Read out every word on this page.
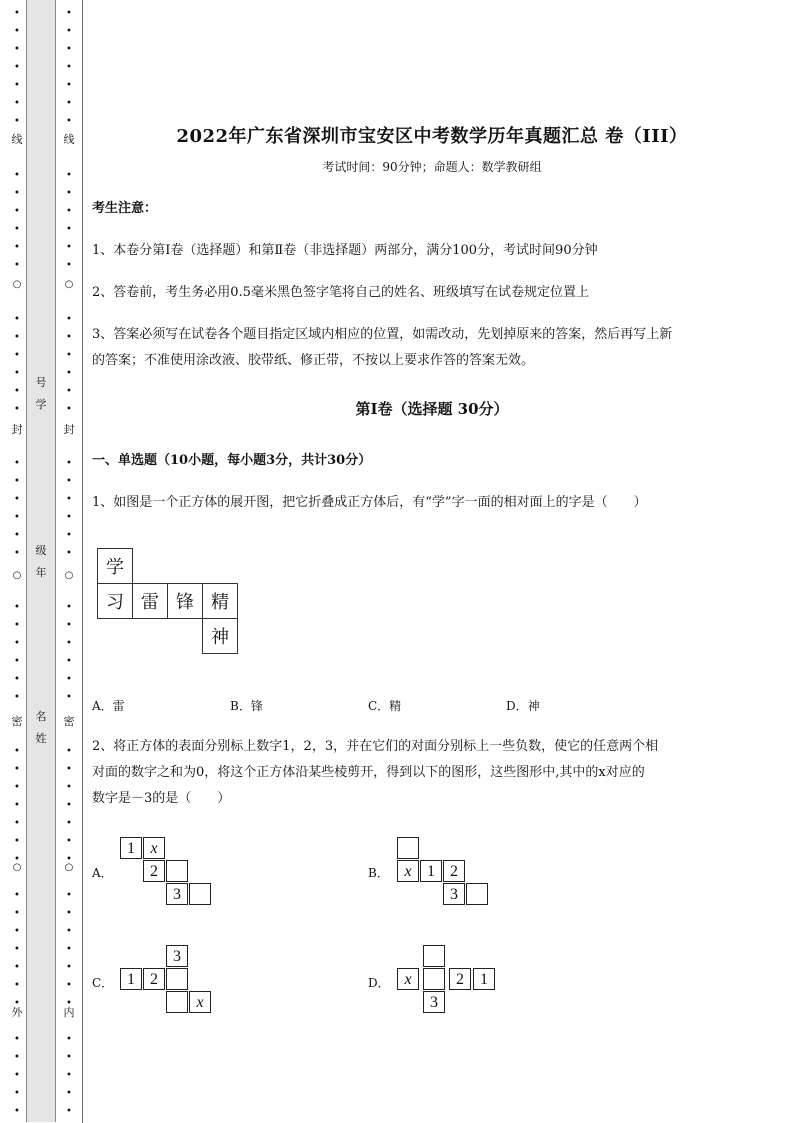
•
•
•
•
•
•
•
•
•
•
•
•
•
•
•
•
•
•
•
•
•
•
•
•
•
•
•
•
•
•
•
•
•
•
•
•
•
•
•
•
•
•
•
•
•
•
•
•
•
•
线
○
封
○
密
○
外
•
•
•
•
•
•
•
•
•
•
•
•
•
•
•
•
•
•
•
•
•
•
•
•
•
•
•
•
•
•
•
•
•
•
•
•
•
•
•
•
•
•
•
•
•
•
•
•
•
•
线
○
封
○
密
○
内
号学
级年
名姓
2022年广东省深圳市宝安区中考数学历年真题汇总 卷（III）
考试时间：90分钟；命题人：数学教研组
考生注意：
1、本卷分第I卷（选择题）和第Ⅱ卷（非选择题）两部分，满分100分，考试时间90分钟
2、答卷前，考生务必用0.5毫米黑色签字笔将自己的姓名、班级填写在试卷规定位置上
3、答案必须写在试卷各个题目指定区域内相应的位置，如需改动，先划掉原来的答案，然后再写上新
的答案；不准使用涂改液、胶带纸、修正带，不按以上要求作答的答案无效。
第I卷（选择题 30分）
一、单选题（10小题，每小题3分，共计30分）
1、如图是一个正方体的展开图，把它折叠成正方体后，有“学”字一面的相对面上的字是（　　）
学			
习	雷	锋	精
			神
A．雷	B．锋	C．精	D．神
2、将正方体的表面分别标上数字1，2，3，并在它们的对面分别标上一些负数，使它的任意两个相
对面的数字之和为0，将这个正方体沿某些棱剪开，得到以下的图形，这些图形中,其中的x对应的
数字是－3的是（　　）
A．
1 x
2
3
B． x 1 2
3
C．
3
1 2
x
D． x	2	1
3
